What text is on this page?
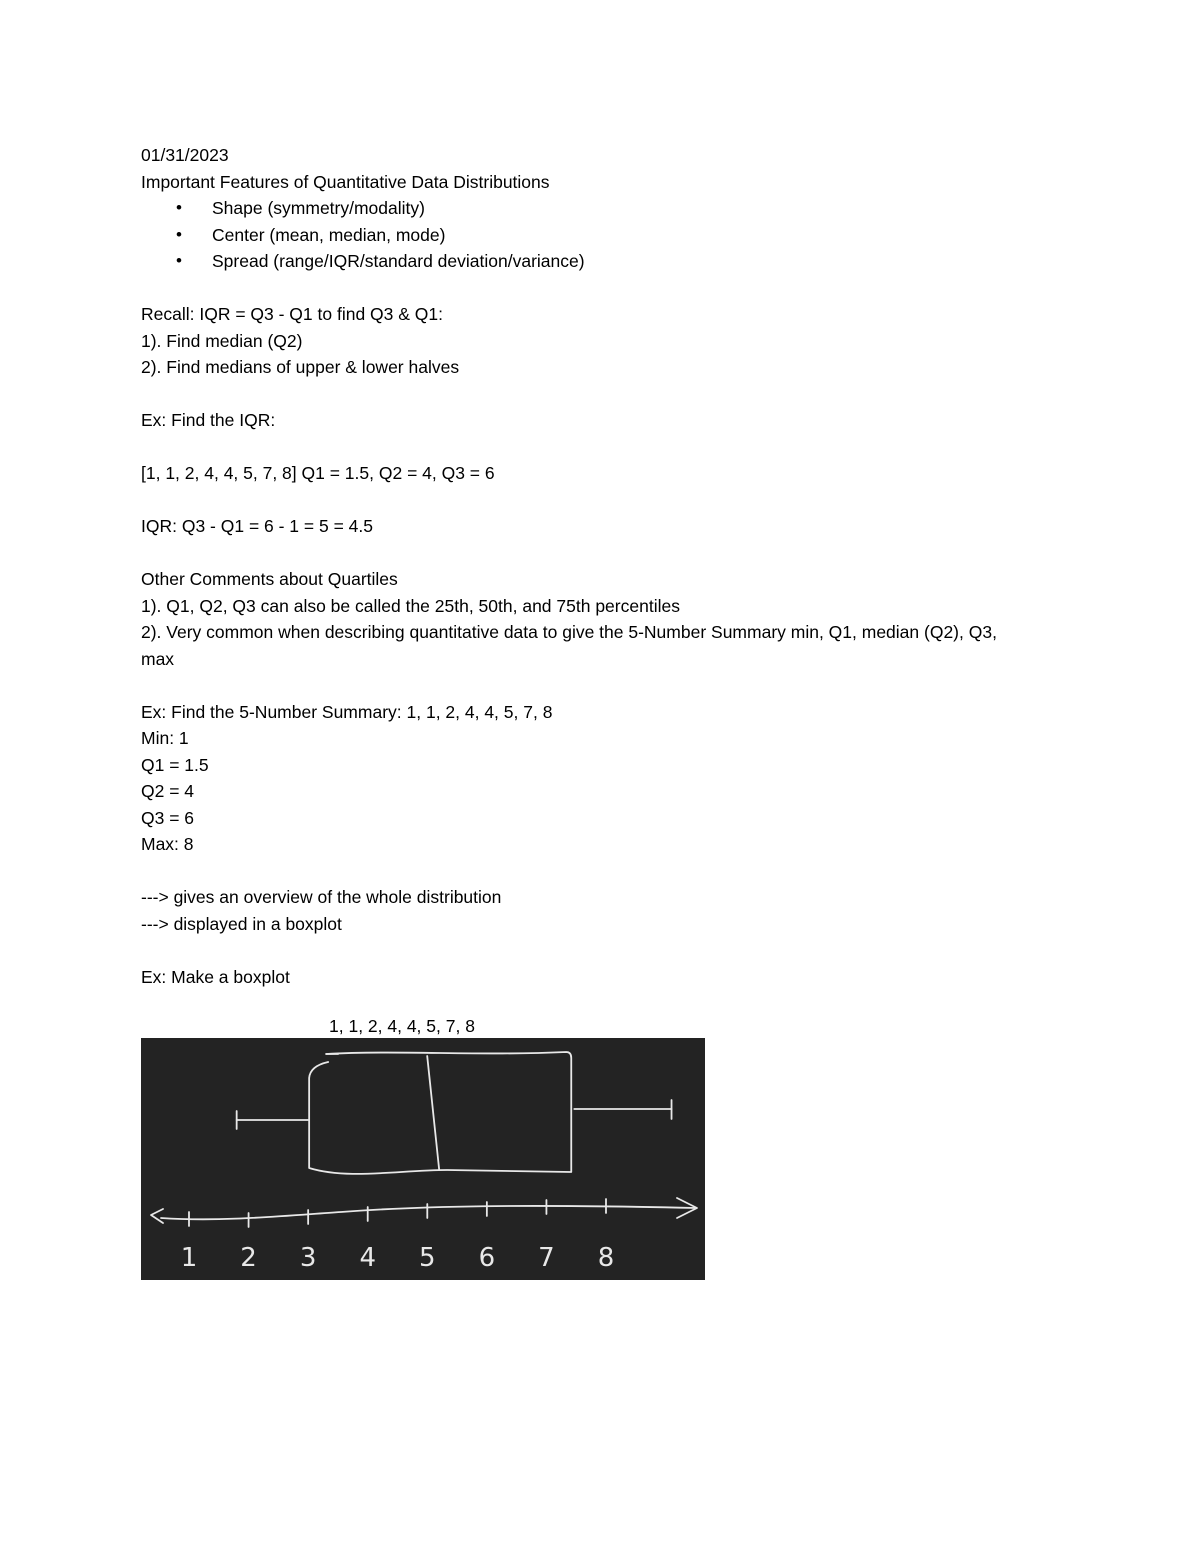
01/31/2023
Important Features of Quantitative Data Distributions
• Shape (symmetry/modality)
• Center (mean, median, mode)
• Spread (range/IQR/standard deviation/variance)
Recall: IQR = Q3 - Q1 to find Q3 & Q1:
1). Find median (Q2)
2). Find medians of upper & lower halves
Ex: Find the IQR:
[1, 1, 2, 4, 4, 5, 7, 8] Q1 = 1.5, Q2 = 4, Q3 = 6
IQR: Q3 - Q1 = 6 - 1 = 5 = 4.5
Other Comments about Quartiles
1). Q1, Q2, Q3 can also be called the 25th, 50th, and 75th percentiles
2). Very common when describing quantitative data to give the 5-Number Summary min, Q1, median (Q2), Q3, max
Ex: Find the 5-Number Summary: 1, 1, 2, 4, 4, 5, 7, 8
Min: 1
Q1 = 1.5
Q2 = 4
Q3 = 6
Max: 8
---> gives an overview of the whole distribution
---> displayed in a boxplot
Ex: Make a boxplot
1, 1, 2, 4, 4, 5, 7, 8
1 2 3 4 5 6 7 8
